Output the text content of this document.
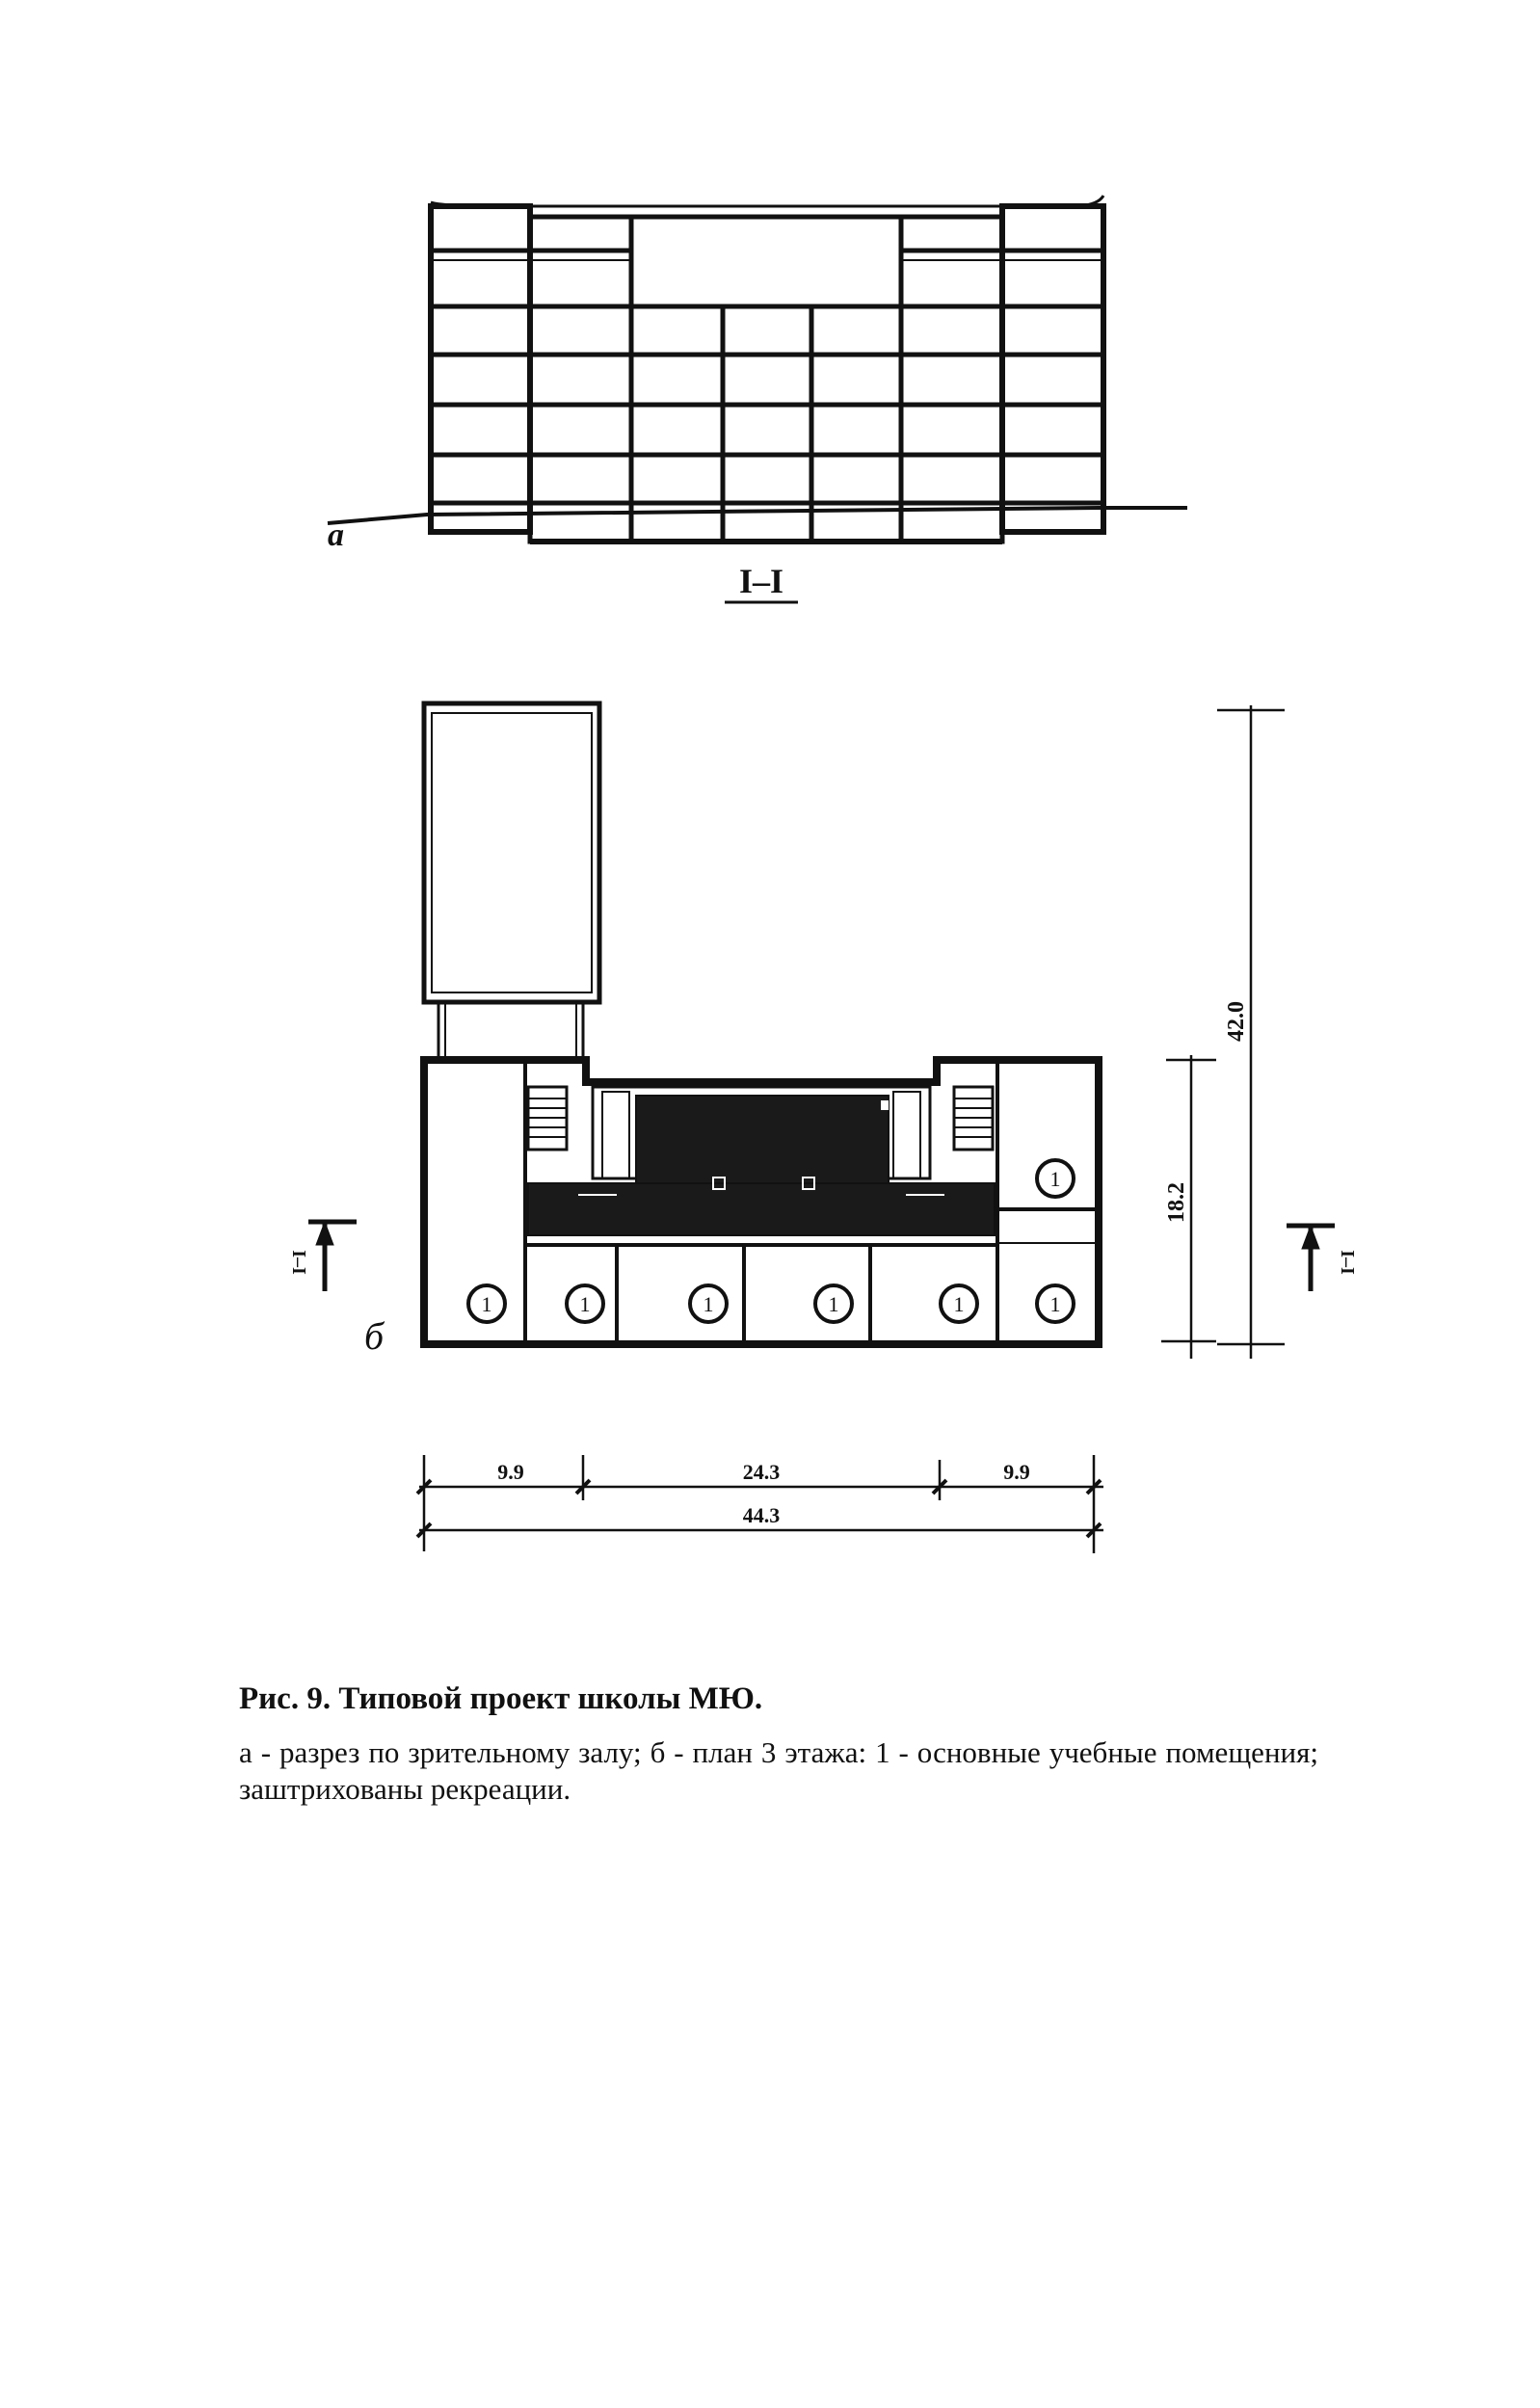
а
I–I
1	1	1	1	1	1
1
I–I	I–I
б
42.0
18.2
9.9	24.3	9.9
44.3

Рис. 9. Типовой проект школы МЮ.

а - разрез по зрительному залу; б - план 3 этажа: 1 - основные учебные помещения; заштрихованы рекреации.
